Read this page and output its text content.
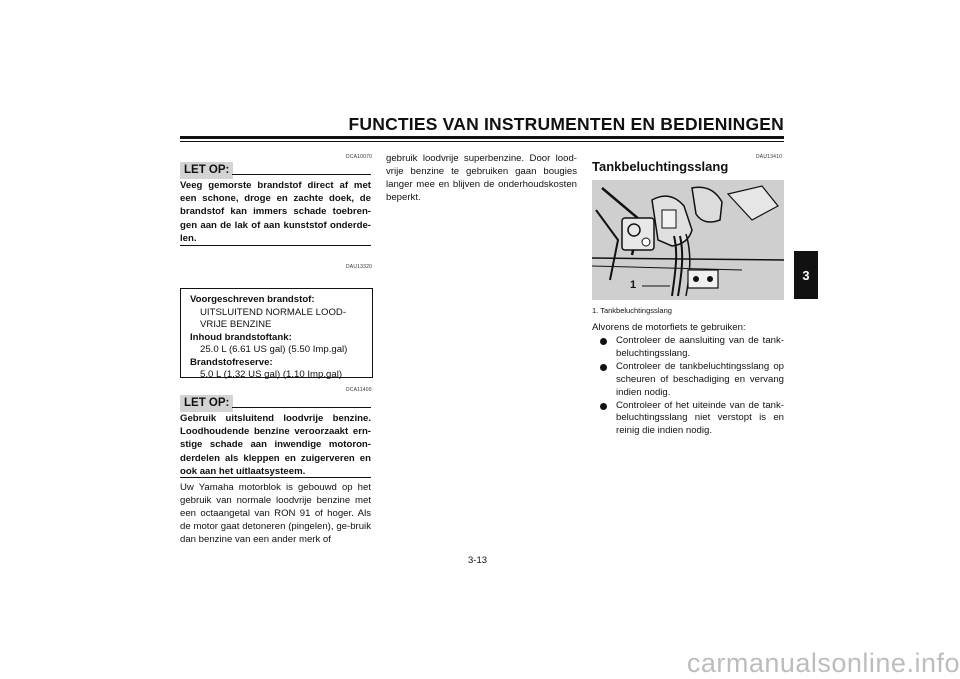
FUNCTIES VAN INSTRUMENTEN EN BEDIENINGEN
3
DCA10070
LET OP:
Veeg gemorste brandstof direct af met een schone, droge en zachte doek, de brandstof kan immers schade toebren-gen aan de lak of aan kunststof onderde-len.
DAU13320
Voorgeschreven brandstof:
UITSLUITEND NORMALE LOOD-
VRIJE BENZINE
Inhoud brandstoftank:
25.0 L (6.61 US gal) (5.50 Imp.gal)
Brandstofreserve:
5.0 L (1.32 US gal) (1.10 Imp.gal)
DCA11400
LET OP:
Gebruik uitsluitend loodvrije benzine. Loodhoudende benzine veroorzaakt ern-stige schade aan inwendige motoron-derdelen als kleppen en zuigerveren en ook aan het uitlaatsysteem.
Uw Yamaha motorblok is gebouwd op het gebruik van normale loodvrije benzine met een octaangetal van RON 91 of hoger. Als de motor gaat detoneren (pingelen), ge-bruik dan benzine van een ander merk of
gebruik loodvrije superbenzine. Door lood-vrije benzine te gebruiken gaan bougies langer mee en blijven de onderhoudskosten beperkt.
DAU13410
Tankbeluchtingsslang
1
1. Tankbeluchtingsslang
Alvorens de motorfiets te gebruiken:
Controleer de aansluiting van de tank-beluchtingsslang.
Controleer de tankbeluchtingsslang op scheuren of beschadiging en vervang indien nodig.
Controleer of het uiteinde van de tank-beluchtingsslang niet verstopt is en reinig die indien nodig.
3-13
carmanualsonline.info
